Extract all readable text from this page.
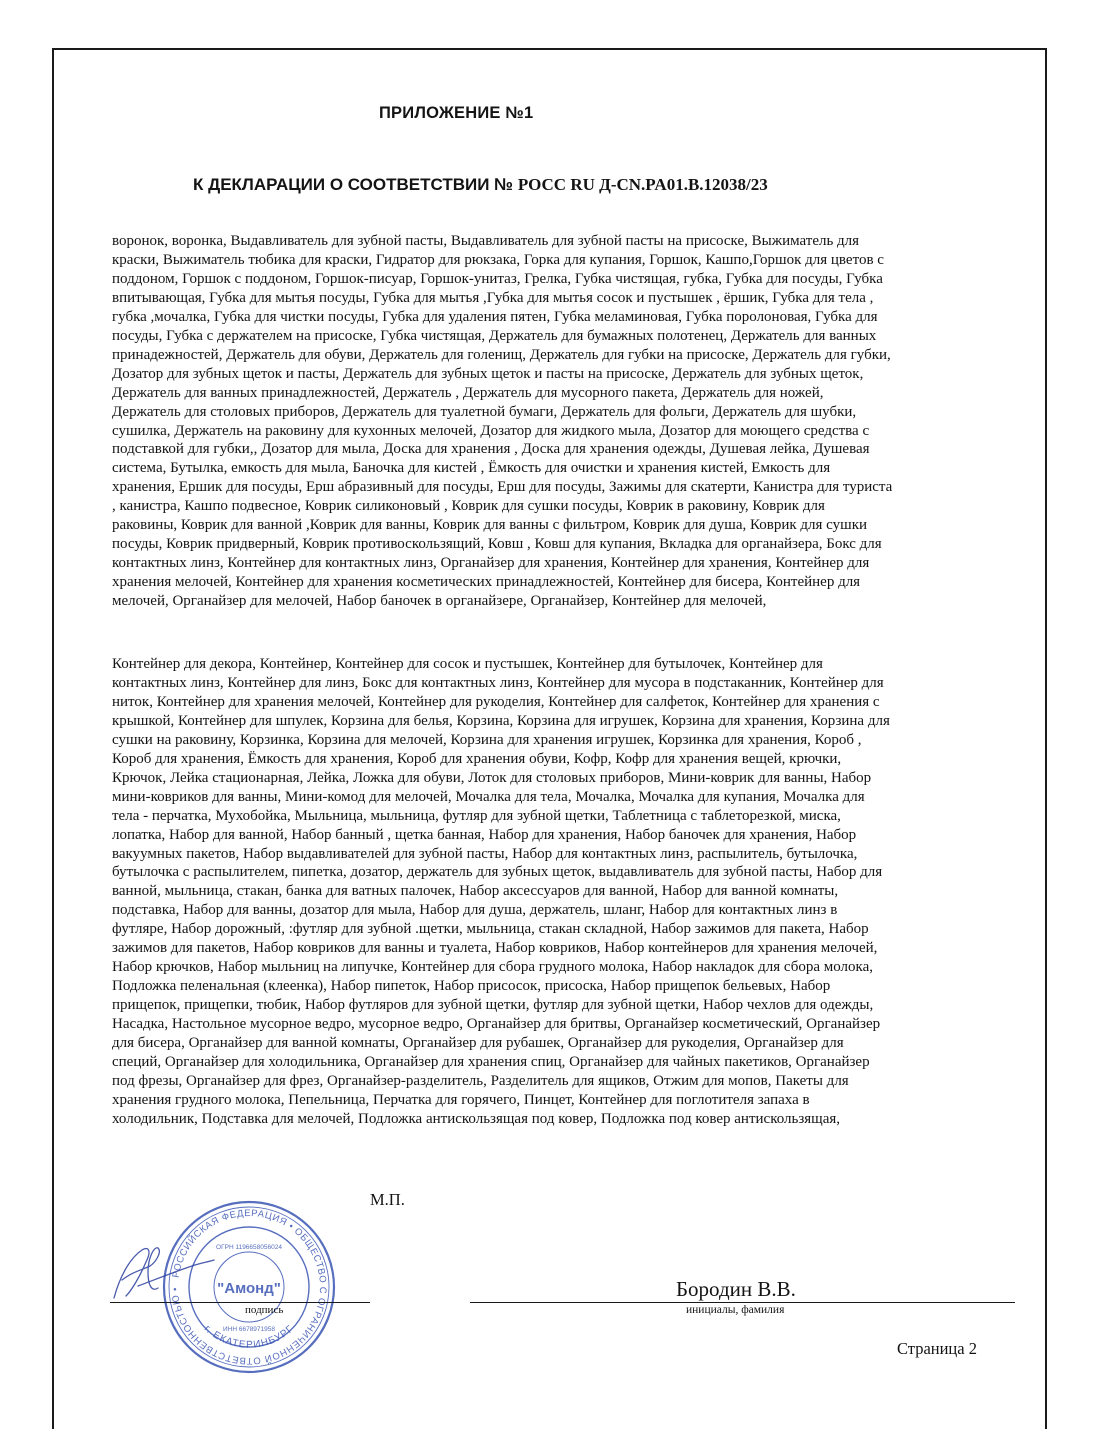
ПРИЛОЖЕНИЕ №1
К ДЕКЛАРАЦИИ О СООТВЕТСТВИИ № РОСС RU Д-CN.PA01.B.12038/23
воронок, воронка, Выдавливатель для зубной пасты, Выдавливатель для зубной пасты на присоске, Выжиматель для
краски, Выжиматель тюбика для краски, Гидратор для рюкзака, Горка для купания, Горшок, Кашпо,Горшок для цветов с
поддоном, Горшок с поддоном, Горшок-писуар, Горшок-унитаз, Грелка, Губка чистящая, губка, Губка для посуды, Губка
впитывающая, Губка для мытья посуды, Губка для мытья ,Губка для мытья сосок и пустышек , ёршик, Губка для тела ,
губка ,мочалка, Губка для чистки посуды, Губка для удаления пятен, Губка меламиновая, Губка поролоновая, Губка для
посуды, Губка с держателем на присоске, Губка чистящая, Держатель для бумажных полотенец, Держатель для ванных
принадежностей, Держатель для обуви, Держатель для голенищ, Держатель для губки на присоске, Держатель для губки,
Дозатор для зубных щеток и пасты, Держатель для зубных щеток и пасты на присоске, Держатель для зубных щеток,
Держатель для ванных принадлежностей, Держатель , Держатель для мусорного пакета, Держатель для ножей,
Держатель для столовых приборов, Держатель для туалетной бумаги, Держатель для фольги, Держатель для шубки,
сушилка, Держатель на раковину для кухонных мелочей, Дозатор для жидкого мыла, Дозатор для моющего средства с
подставкой для губки,, Дозатор для мыла, Доска для хранения , Доска для хранения одежды, Душевая лейка, Душевая
система, Бутылка, емкость для мыла, Баночка для кистей , Ёмкость для очистки и хранения кистей, Емкость для
хранения, Ершик для посуды, Ерш абразивный для посуды, Ерш для посуды, Зажимы для скатерти, Канистра для туриста
, канистра, Кашпо подвесное, Коврик силиконовый , Коврик для сушки посуды, Коврик в раковину, Коврик для
раковины, Коврик для ванной ,Коврик для ванны, Коврик для ванны с фильтром, Коврик для душа, Коврик для сушки
посуды, Коврик придверный, Коврик противоскользящий, Ковш , Ковш для купания, Вкладка для органайзера, Бокс для
контактных линз, Контейнер для контактных линз, Органайзер для хранения, Контейнер для хранения, Контейнер для
хранения мелочей, Контейнер для хранения косметических принадлежностей, Контейнер для бисера, Контейнер для
мелочей, Органайзер для мелочей, Набор баночек в органайзере, Органайзер, Контейнер для мелочей,
Контейнер для декора, Контейнер, Контейнер для сосок и пустышек, Контейнер для бутылочек, Контейнер для
контактных линз, Контейнер для линз, Бокс для контактных линз, Контейнер для мусора в подстаканник, Контейнер для
ниток, Контейнер для хранения мелочей, Контейнер для рукоделия, Контейнер для салфеток, Контейнер для хранения с
крышкой, Контейнер для шпулек, Корзина для белья, Корзина, Корзина для игрушек, Корзина для хранения, Корзина для
сушки на раковину, Корзинка, Корзина для мелочей, Корзина для хранения игрушек, Корзинка для хранения, Короб ,
Короб для хранения, Ёмкость для хранения, Короб для хранения обуви, Кофр, Кофр для хранения вещей, крючки,
Крючок, Лейка стационарная, Лейка, Ложка для обуви, Лоток для столовых приборов, Мини-коврик для ванны, Набор
мини-ковриков для ванны, Мини-комод для мелочей, Мочалка для тела, Мочалка, Мочалка для купания, Мочалка для
тела - перчатка, Мухобойка, Мыльница, мыльница, футляр для зубной щетки, Таблетница с таблеторезкой, миска,
лопатка, Набор для ванной, Набор банный , щетка банная, Набор для хранения, Набор баночек для хранения, Набор
вакуумных пакетов, Набор выдавливателей для зубной пасты, Набор для контактных линз, распылитель, бутылочка,
бутылочка с распылителем, пипетка, дозатор, держатель для зубных щеток, выдавливатель для зубной пасты, Набор для
ванной, мыльница, стакан, банка для ватных палочек, Набор аксессуаров для ванной, Набор для ванной комнаты,
подставка, Набор для ванны, дозатор для мыла, Набор для душа, держатель, шланг, Набор для контактных линз в
футляре, Набор дорожный, :футляр для зубной .щетки, мыльница, стакан складной, Набор зажимов для пакета, Набор
зажимов для пакетов, Набор ковриков для ванны и туалета, Набор ковриков, Набор контейнеров для хранения мелочей,
Набор крючков, Набор мыльниц на липучке, Контейнер для сбора грудного молока, Набор накладок для сбора молока,
Подложка пеленальная (клеенка), Набор пипеток, Набор присосок, присоска, Набор прищепок бельевых, Набор
прищепок, прищепки, тюбик, Набор футляров для зубной щетки, футляр для зубной щетки, Набор чехлов для одежды,
Насадка, Настольное мусорное ведро, мусорное ведро, Органайзер для бритвы, Органайзер косметический, Органайзер
для бисера, Органайзер для ванной комнаты, Органайзер для рубашек, Органайзер для рукоделия, Органайзер для
специй, Органайзер для холодильника, Органайзер для хранения спиц, Органайзер для чайных пакетиков, Органайзер
под фрезы, Органайзер для фрез, Органайзер-разделитель, Разделитель для ящиков, Отжим для мопов, Пакеты для
хранения грудного молока, Пепельница, Перчатка для горячего, Пинцет, Контейнер для поглотителя запаха в
холодильник, Подставка для мелочей, Подложка антискользящая под ковер, Подложка под ковер антискользящая,
М.П.
РОССИЙСКАЯ ФЕДЕРАЦИЯ • ОБЩЕСТВО С ОГРАНИЧЕННОЙ ОТВЕТСТВЕННОСТЬЮ •
г. ЕКАТЕРИНБУРГ
"Амонд"
ОГРН 1196658056024
ИНН 6678971958
подпись
Бородин В.В.
инициалы, фамилия
Страница 2
